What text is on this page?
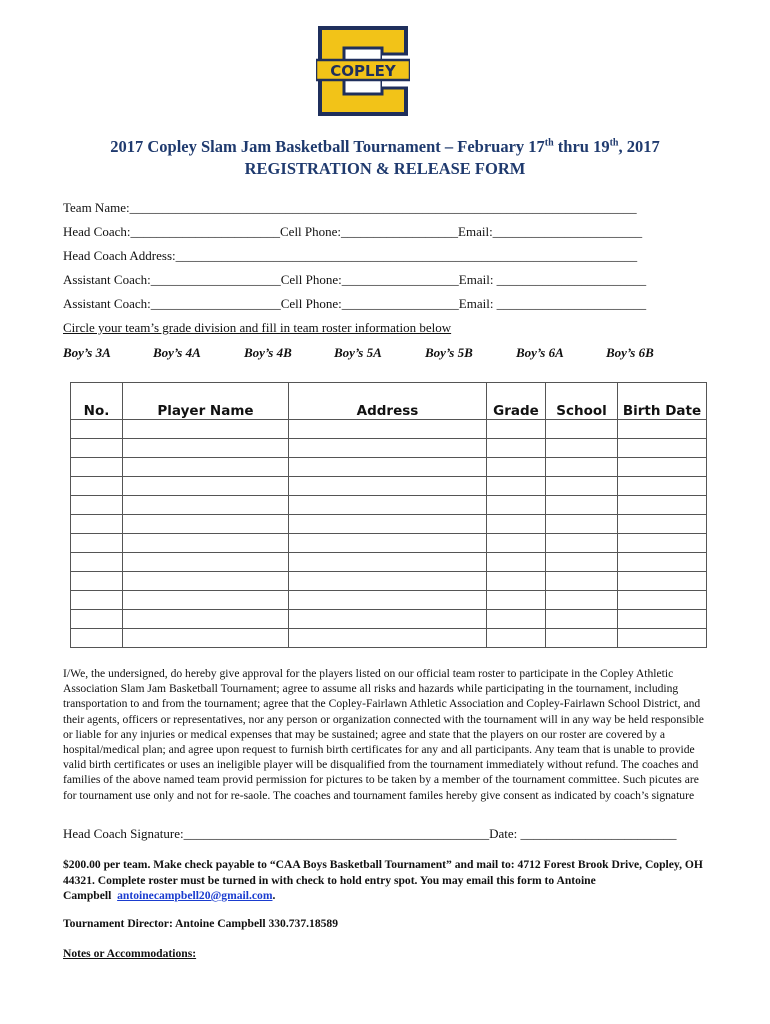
COPLEY
2017 Copley Slam Jam Basketball Tournament – February 17th thru 19th, 2017
REGISTRATION & RELEASE FORM
Team Name:______________________________________________________________________________
Head Coach:_______________________Cell Phone:__________________Email:_______________________
Head Coach Address:_______________________________________________________________________
Assistant Coach:____________________Cell Phone:__________________Email: _______________________
Assistant Coach:____________________Cell Phone:__________________Email: _______________________
Circle your team’s grade division and fill in team roster information below
Boy’s 3A	Boy’s 4A	Boy’s 4B	Boy’s 5A	Boy’s 5B	Boy’s 6A	Boy’s 6B
No.	Player Name	Address	Grade	School	Birth Date

I/We, the undersigned, do hereby give approval for the players listed on our official team roster to participate in the Copley Athletic Association Slam Jam Basketball Tournament; agree to assume all risks and hazards while participating in the tournament, including transportation to and from the tournament; agree that the Copley-Fairlawn Athletic Association and Copley-Fairlawn School District, and their agents, officers or representatives, nor any person or organization connected with the tournament will in any way be held responsible or liable for any injuries or medical expenses that may be sustained; agree and state that the players on our roster are covered by a hospital/medical plan; and agree upon request to furnish birth certificates for any and all participants. Any team that is unable to provide valid birth certificates or uses an ineligible player will be disqualified from the tournament immediately without refund. The coaches and families of the above named team provid permission for pictures to be taken by a member of the tournament committee. Such picutes are for tournament use only and not for re-saole. The coaches and tournament familes hereby give consent as indicated by coach’s signature
Head Coach Signature:_______________________________________________Date: ________________________
$200.00 per team. Make check payable to “CAA Boys Basketball Tournament” and mail to: 4712 Forest Brook Drive, Copley, OH 44321. Complete roster must be turned in with check to hold entry spot. You may email this form to Antoine Campbell antoinecampbell20@gmail.com.
Tournament Director: Antoine Campbell 330.737.18589
Notes or Accommodations:
